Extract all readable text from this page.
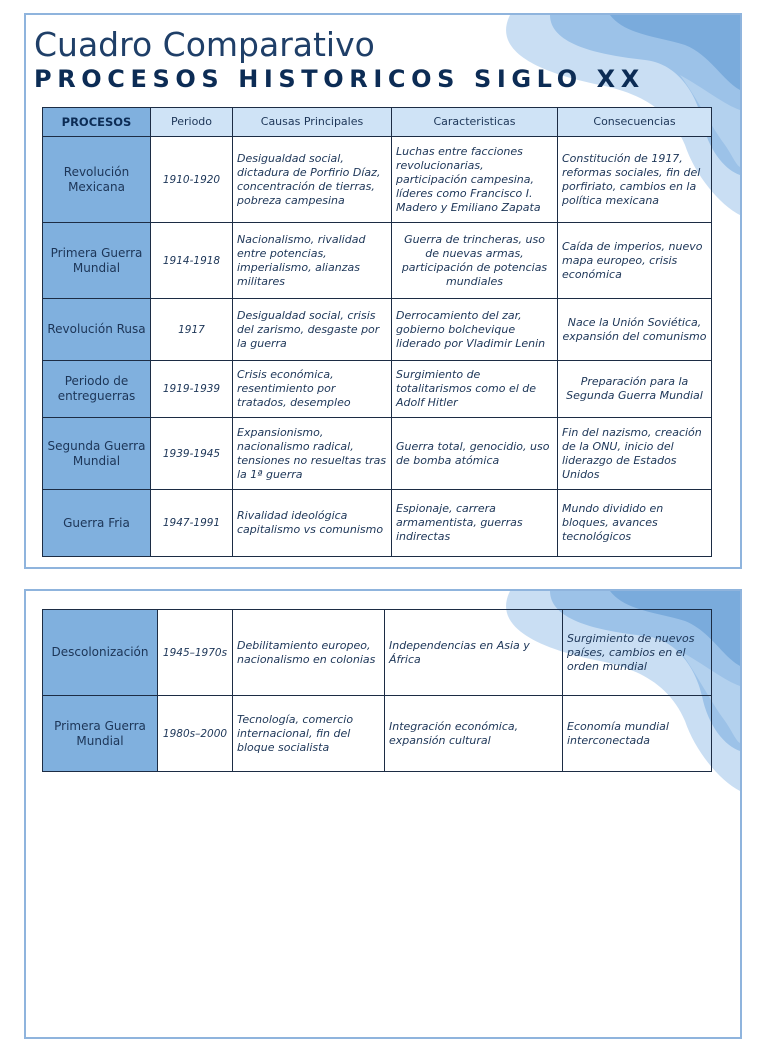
Cuadro Comparativo
PROCESOS HISTORICOS SIGLO XX
PROCESOS	Periodo	Causas Principales	Caracteristicas	Consecuencias
Revolución Mexicana	1910-1920	Desigualdad social, dictadura de Porfirio Díaz, concentración de tierras, pobreza campesina	Luchas entre facciones revolucionarias, participación campesina, líderes como Francisco I. Madero y Emiliano Zapata	Constitución de 1917, reformas sociales, fin del porfiriato, cambios en la política mexicana
Primera Guerra Mundial	1914-1918	Nacionalismo, rivalidad entre potencias, imperialismo, alianzas militares	Guerra de trincheras, uso de nuevas armas, participación de potencias mundiales	Caída de imperios, nuevo mapa europeo, crisis económica
Revolución Rusa	1917	Desigualdad social, crisis del zarismo, desgaste por la guerra	Derrocamiento del zar, gobierno bolchevique liderado por Vladimir Lenin	Nace la Unión Soviética, expansión del comunismo
Periodo de entreguerras	1919-1939	Crisis económica, resentimiento por tratados, desempleo	Surgimiento de totalitarismos como el de Adolf Hitler	Preparación para la Segunda Guerra Mundial
Segunda Guerra Mundial	1939-1945	Expansionismo, nacionalismo radical, tensiones no resueltas tras la 1ª guerra	Guerra total, genocidio, uso de bomba atómica	Fin del nazismo, creación de la ONU, inicio del liderazgo de Estados Unidos
Guerra Fria	1947-1991	Rivalidad ideológica capitalismo vs comunismo	Espionaje, carrera armamentista, guerras indirectas	Mundo dividido en bloques, avances tecnológicos
Descolonización	1945–1970s	Debilitamiento europeo, nacionalismo en colonias	Independencias en Asia y África	Surgimiento de nuevos países, cambios en el orden mundial
Primera Guerra Mundial	1980s–2000	Tecnología, comercio internacional, fin del bloque socialista	Integración económica, expansión cultural	Economía mundial interconectada
